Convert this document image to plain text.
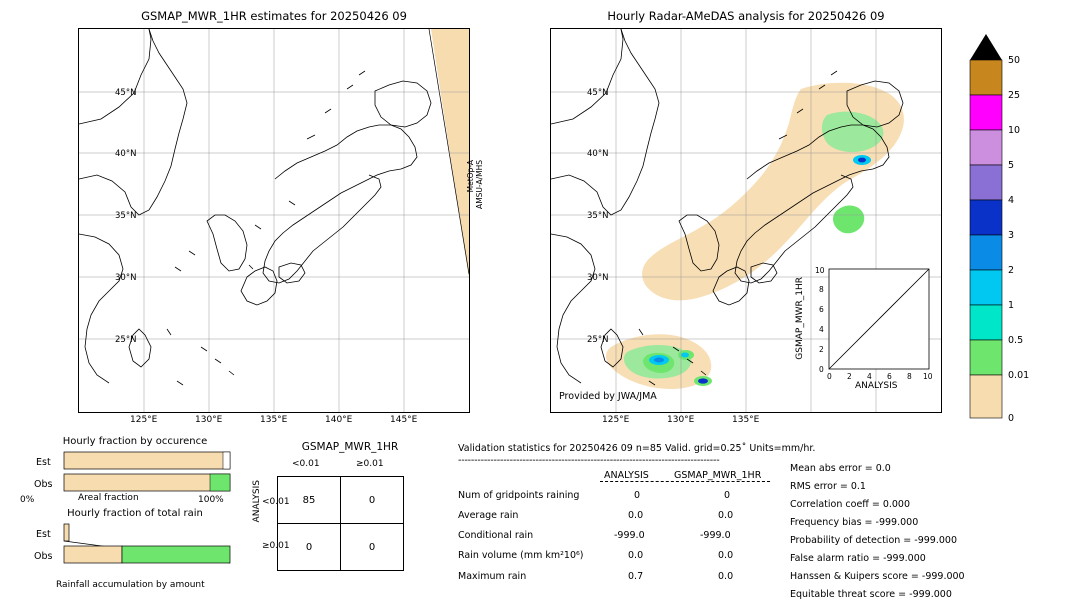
GSMAP_MWR_1HR estimates for 20250426 09
45°N
40°N
35°N
30°N
25°N
125°E	130°E	135°E	140°E	145°E
MetOp-A AMSU-A/MHS
Hourly Radar-AMeDAS analysis for 20250426 09
45°N
40°N
35°N
30°N
25°N
Provided by JWA/JMA
0
2
4
6
8
10
0 2 4 6 8 10
GSMAP_MWR_1HR
ANALYSIS
125°E	130°E	135°E
50
25
10
5
4
3
2
1
0.5
0.01
0
Hourly fraction by occurence
Est
Obs
0%	Areal fraction	100%
Hourly fraction of total rain
Est
Obs
Rainfall accumulation by amount
GSMAP_MWR_1HR
<0.01	≥0.01
ANALYSIS <0.01
≥0.01
85	0
0	0
Validation statistics for 20250426 09 n=85 Valid. grid=0.25˚ Units=mm/hr.
---------------------------------------------------------------------------------
ANALYSIS	GSMAP_MWR_1HR
Num of gridpoints raining	0	0
Average rain	0.0	0.0
Conditional rain	-999.0	-999.0
Rain volume (mm km²10⁶)	0.0	0.0
Maximum rain	0.7	0.0
Mean abs error = 0.0
RMS error = 0.1
Correlation coeff = 0.000
Frequency bias = -999.000
Probability of detection = -999.000
False alarm ratio = -999.000
Hanssen & Kuipers score = -999.000
Equitable threat score = -999.000
